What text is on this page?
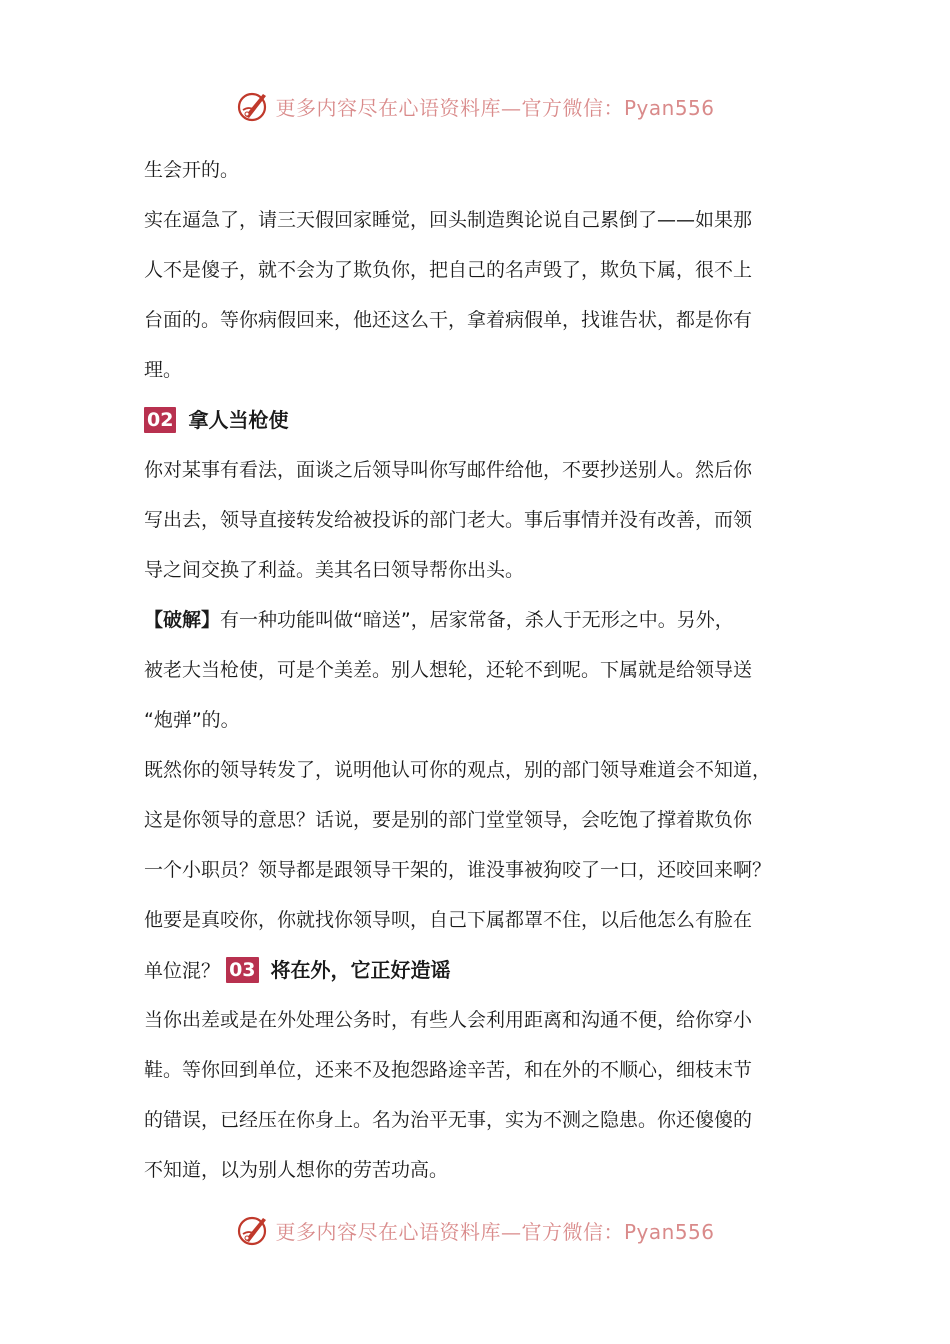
更多内容尽在心语资料库—官方微信：Pyan556
生会开的。
实在逼急了，请三天假回家睡觉，回头制造舆论说自己累倒了——如果那
人不是傻子，就不会为了欺负你，把自己的名声毁了，欺负下属，很不上
台面的。等你病假回来，他还这么干，拿着病假单，找谁告状，都是你有
理。
02 拿人当枪使
你对某事有看法，面谈之后领导叫你写邮件给他，不要抄送别人。然后你
写出去，领导直接转发给被投诉的部门老大。事后事情并没有改善，而领
导之间交换了利益。美其名曰领导帮你出头。
【破解】有一种功能叫做“暗送”，居家常备，杀人于无形之中。另外，
被老大当枪使，可是个美差。别人想轮，还轮不到呢。下属就是给领导送
“炮弹”的。
既然你的领导转发了，说明他认可你的观点，别的部门领导难道会不知道，
这是你领导的意思？话说，要是别的部门堂堂领导，会吃饱了撑着欺负你
一个小职员？领导都是跟领导干架的，谁没事被狗咬了一口，还咬回来啊？
他要是真咬你，你就找你领导呗，自己下属都罩不住，以后他怎么有脸在
单位混？ 03 将在外，它正好造谣
当你出差或是在外处理公务时，有些人会利用距离和沟通不便，给你穿小
鞋。等你回到单位，还来不及抱怨路途辛苦，和在外的不顺心，细枝末节
的错误，已经压在你身上。名为治平无事，实为不测之隐患。你还傻傻的
不知道，以为别人想你的劳苦功高。
更多内容尽在心语资料库—官方微信：Pyan556
